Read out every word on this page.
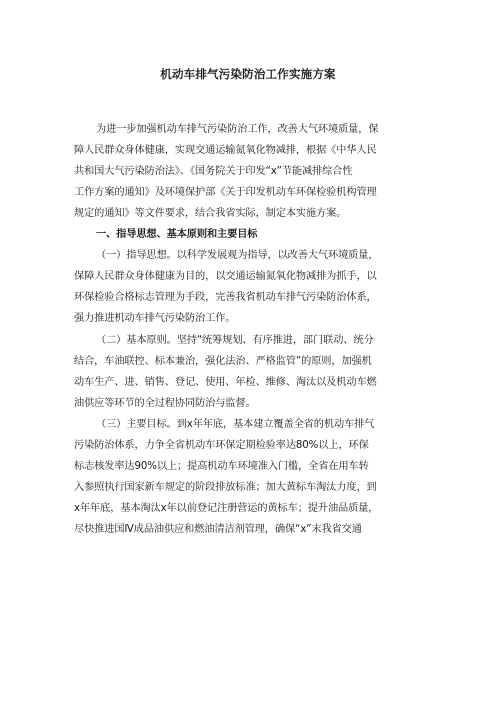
机动车排气污染防治工作实施方案
为进一步加强机动车排气污染防治工作，改善大气环境质量，保
障人民群众身体健康，实现交通运输氮氧化物减排，根据《中华人民
共和国大气污染防治法》、《国务院关于印发“x”节能减排综合性
工作方案的通知》及环境保护部《关于印发机动车环保检验机构管理
规定的通知》等文件要求，结合我省实际，制定本实施方案。
一、指导思想、基本原则和主要目标
（一）指导思想。以科学发展观为指导，以改善大气环境质量，
保障人民群众身体健康为目的，以交通运输氮氧化物减排为抓手，以
环保检验合格标志管理为手段，完善我省机动车排气污染防治体系，
强力推进机动车排气污染防治工作。
（二）基本原则。坚持“统筹规划、有序推进，部门联动、统分
结合，车油联控、标本兼治，强化法治、严格监管”的原则，加强机
动车生产、进、销售、登记、使用、年检、维修、淘汰以及机动车燃
油供应等环节的全过程协同防治与监督。
（三）主要目标。到x年年底，基本建立覆盖全省的机动车排气
污染防治体系，力争全省机动车环保定期检验率达80%以上，环保
标志核发率达90%以上；提高机动车环境准入门槛，全省在用车转
入参照执行国家新车规定的阶段排放标准；加大黄标车淘汰力度，到
x年年底，基本淘汰x年以前登记注册营运的黄标车；提升油品质量，
尽快推进国Ⅳ成品油供应和燃油清洁剂管理，确保“x”末我省交通
